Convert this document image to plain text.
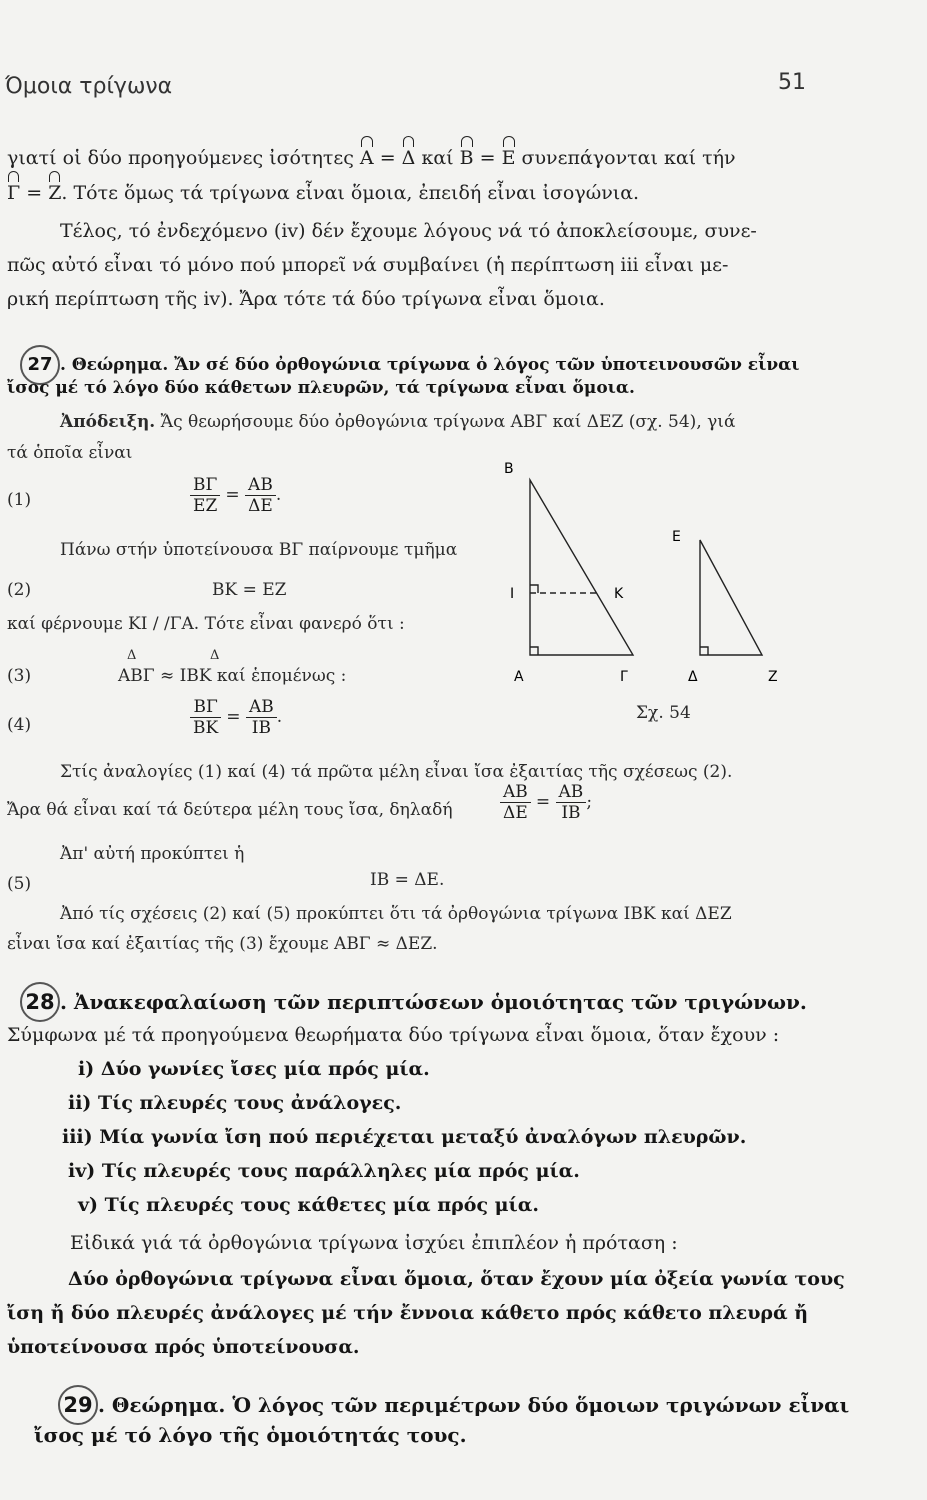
Όμοια τρίγωνα	51
γιατί οἱ δύο προηγούμενες ἰσότητες Α = Δ καί Β = Ε συνεπάγονται καί τήν
Γ = Ζ. Τότε ὅμως τά τρίγωνα εἶναι ὅμοια, ἐπειδή εἶναι ἰσογώνια.
Τέλος, τό ἐνδεχόμενο (iv) δέν ἔχουμε λόγους νά τό ἀποκλείσουμε, συνε-
πῶς αὐτό εἶναι τό μόνο πού μπορεῖ νά συμβαίνει (ἡ περίπτωση iii εἶναι με-
ρική περίπτωση τῆς iv). Ἄρα τότε τά δύο τρίγωνα εἶναι ὅμοια.
27 . Θεώρημα. Ἄν σέ δύο ὀρθογώνια τρίγωνα ὁ λόγος τῶν ὑποτεινουσῶν εἶναι
ἴσος μέ τό λόγο δύο κάθετων πλευρῶν, τά τρίγωνα εἶναι ὅμοια.
Ἀπόδειξη. Ἄς θεωρήσουμε δύο ὀρθογώνια τρίγωνα ΑΒΓ καί ΔΕΖ (σχ. 54), γιά
τά ὁποῖα εἶναι
(1)	$\frac{B\Gamma}{EZ} = \frac{AB}{\Delta E}$ .
Πάνω στήν ὑποτείνουσα ΒΓ παίρνουμε τμῆμα
(2)	ΒΚ = ΕΖ
καί φέρνουμε ΚΙ / /ΓΑ. Τότε εἶναι φανερό ὅτι :
Δ	Δ
(3)	ΑΒΓ ≈ ΙΒΚ καί ἑπομένως :
(4)	$\frac{B\Gamma}{BK} = \frac{AB}{IB}$ .
Στίς ἀναλογίες (1) καί (4) τά πρῶτα μέλη εἶναι ἴσα ἐξαιτίας τῆς σχέσεως (2).
Ἄρα θά εἶναι καί τά δεύτερα μέλη τους ἴσα, δηλαδή	$\frac{AB}{\Delta E} = \frac{AB}{IB}$ ;
Ἀπ' αὐτή προκύπτει ἡ
(5)	ΙΒ = ΔΕ.
Ἀπό τίς σχέσεις (2) καί (5) προκύπτει ὅτι τά ὀρθογώνια τρίγωνα ΙΒΚ καί ΔΕΖ
εἶναι ἴσα καί ἐξαιτίας τῆς (3) ἔχουμε ΑΒΓ ≈ ΔΕΖ.
Β
Ι	Κ
Α	Γ
Ε
Δ	Ζ
Σχ. 54
28 . Ἀνακεφαλαίωση τῶν περιπτώσεων ὁμοιότητας τῶν τριγώνων.
Σύμφωνα μέ τά προηγούμενα θεωρήματα δύο τρίγωνα εἶναι ὅμοια, ὅταν ἔχουν :
i) Δύο γωνίες ἴσες μία πρός μία.
ii) Τίς πλευρές τους ἀνάλογες.
iii) Μία γωνία ἴση πού περιέχεται μεταξύ ἀναλόγων πλευρῶν.
iv) Τίς πλευρές τους παράλληλες μία πρός μία.
v) Τίς πλευρές τους κάθετες μία πρός μία.
Εἰδικά γιά τά ὀρθογώνια τρίγωνα ἰσχύει ἐπιπλέον ἡ πρόταση :
Δύο ὀρθογώνια τρίγωνα εἶναι ὅμοια, ὅταν ἔχουν μία ὀξεία γωνία τους
ἴση ἤ δύο πλευρές ἀνάλογες μέ τήν ἔννοια κάθετο πρός κάθετο πλευρά ἤ
ὑποτείνουσα πρός ὑποτείνουσα.
29 . Θεώρημα. Ὁ λόγος τῶν περιμέτρων δύο ὅμοιων τριγώνων εἶναι
ἴσος μέ τό λόγο τῆς ὁμοιότητάς τους.
